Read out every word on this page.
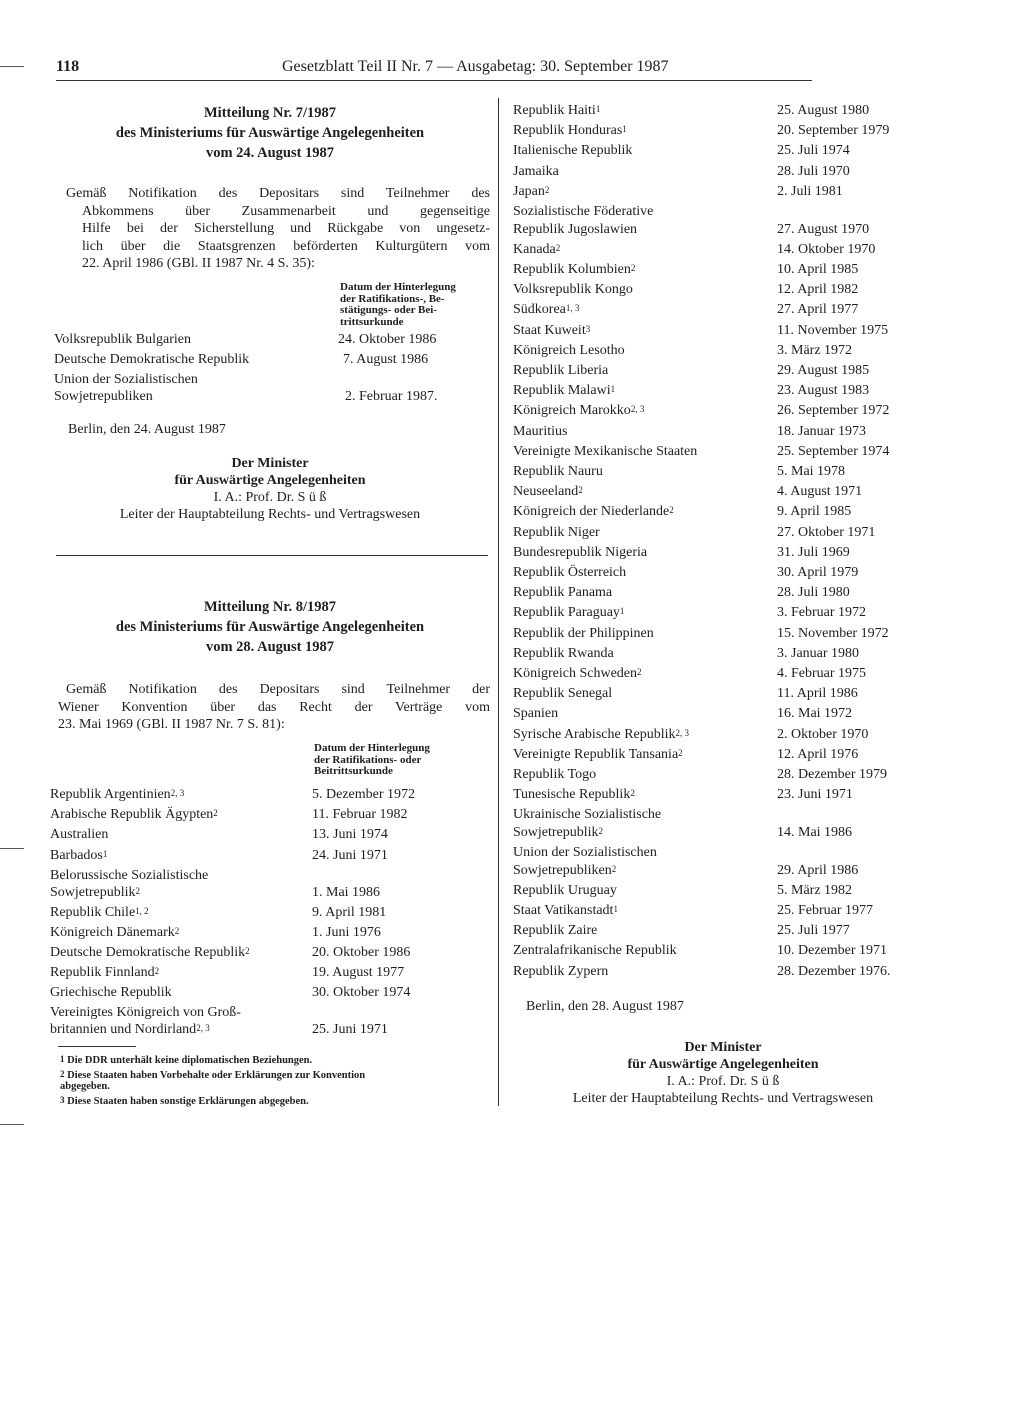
118	Gesetzblatt Teil II Nr. 7 — Ausgabetag: 30. September 1987
Mitteilung Nr. 7/1987
des Ministeriums für Auswärtige Angelegenheiten
vom 24. August 1987
Gemäß Notifikation des Depositars sind Teilnehmer des
Abkommens über Zusammenarbeit und gegenseitige
Hilfe bei der Sicherstellung und Rückgabe von ungesetz-
lich über die Staatsgrenzen beförderten Kulturgütern vom
22. April 1986 (GBl. II 1987 Nr. 4 S. 35):
Datum der Hinterlegung
der Ratifikations-, Be-
stätigungs- oder Bei-
trittsurkunde
Volksrepublik Bulgarien	24. Oktober 1986
Deutsche Demokratische Republik	7. August 1986
Union der Sozialistischen
Sowjetrepubliken	2. Februar 1987.
Berlin, den 24. August 1987
Der Minister
für Auswärtige Angelegenheiten
I. A.: Prof. Dr. S ü ß
Leiter der Hauptabteilung Rechts- und Vertragswesen
Mitteilung Nr. 8/1987
des Ministeriums für Auswärtige Angelegenheiten
vom 28. August 1987
Gemäß Notifikation des Depositars sind Teilnehmer der
Wiener Konvention über das Recht der Verträge vom
23. Mai 1969 (GBl. II 1987 Nr. 7 S. 81):
Datum der Hinterlegung
der Ratifikations- oder
Beitrittsurkunde
Republik Argentinien$^{2, 3}$	5. Dezember 1972
Arabische Republik Ägypten$^2$	11. Februar 1982
Australien	13. Juni 1974
Barbados$^1$	24. Juni 1971
Belorussische Sozialistische
Sowjetrepublik$^2$	1. Mai 1986
Republik Chile$^{1, 2}$	9. April 1981
Königreich Dänemark$^2$	1. Juni 1976
Deutsche Demokratische Republik$^2$	20. Oktober 1986
Republik Finnland$^2$	19. August 1977
Griechische Republik	30. Oktober 1974
Vereinigtes Königreich von Groß-
britannien und Nordirland$^{2, 3}$	25. Juni 1971
$^1$ Die DDR unterhält keine diplomatischen Beziehungen.
$^2$ Diese Staaten haben Vorbehalte oder Erklärungen zur Konvention
abgegeben.
$^3$ Diese Staaten haben sonstige Erklärungen abgegeben.
Republik Haiti$^1$	25. August 1980
Republik Honduras$^1$	20. September 1979
Italienische Republik	25. Juli 1974
Jamaika	28. Juli 1970
Japan$^2$	2. Juli 1981
Sozialistische Föderative
Republik Jugoslawien	27. August 1970
Kanada$^2$	14. Oktober 1970
Republik Kolumbien$^2$	10. April 1985
Volksrepublik Kongo	12. April 1982
Südkorea$^{1, 3}$	27. April 1977
Staat Kuweit$^3$	11. November 1975
Königreich Lesotho	3. März 1972
Republik Liberia	29. August 1985
Republik Malawi$^1$	23. August 1983
Königreich Marokko$^{2, 3}$	26. September 1972
Mauritius	18. Januar 1973
Vereinigte Mexikanische Staaten	25. September 1974
Republik Nauru	5. Mai 1978
Neuseeland$^2$	4. August 1971
Königreich der Niederlande$^2$	9. April 1985
Republik Niger	27. Oktober 1971
Bundesrepublik Nigeria	31. Juli 1969
Republik Österreich	30. April 1979
Republik Panama	28. Juli 1980
Republik Paraguay$^1$	3. Februar 1972
Republik der Philippinen	15. November 1972
Republik Rwanda	3. Januar 1980
Königreich Schweden$^2$	4. Februar 1975
Republik Senegal	11. April 1986
Spanien	16. Mai 1972
Syrische Arabische Republik$^{2, 3}$	2. Oktober 1970
Vereinigte Republik Tansania$^2$	12. April 1976
Republik Togo	28. Dezember 1979
Tunesische Republik$^2$	23. Juni 1971
Ukrainische Sozialistische
Sowjetrepublik$^2$	14. Mai 1986
Union der Sozialistischen
Sowjetrepubliken$^2$	29. April 1986
Republik Uruguay	5. März 1982
Staat Vatikanstadt$^1$	25. Februar 1977
Republik Zaire	25. Juli 1977
Zentralafrikanische Republik	10. Dezember 1971
Republik Zypern	28. Dezember 1976.
Berlin, den 28. August 1987
Der Minister
für Auswärtige Angelegenheiten
I. A.: Prof. Dr. S ü ß
Leiter der Hauptabteilung Rechts- und Vertragswesen
